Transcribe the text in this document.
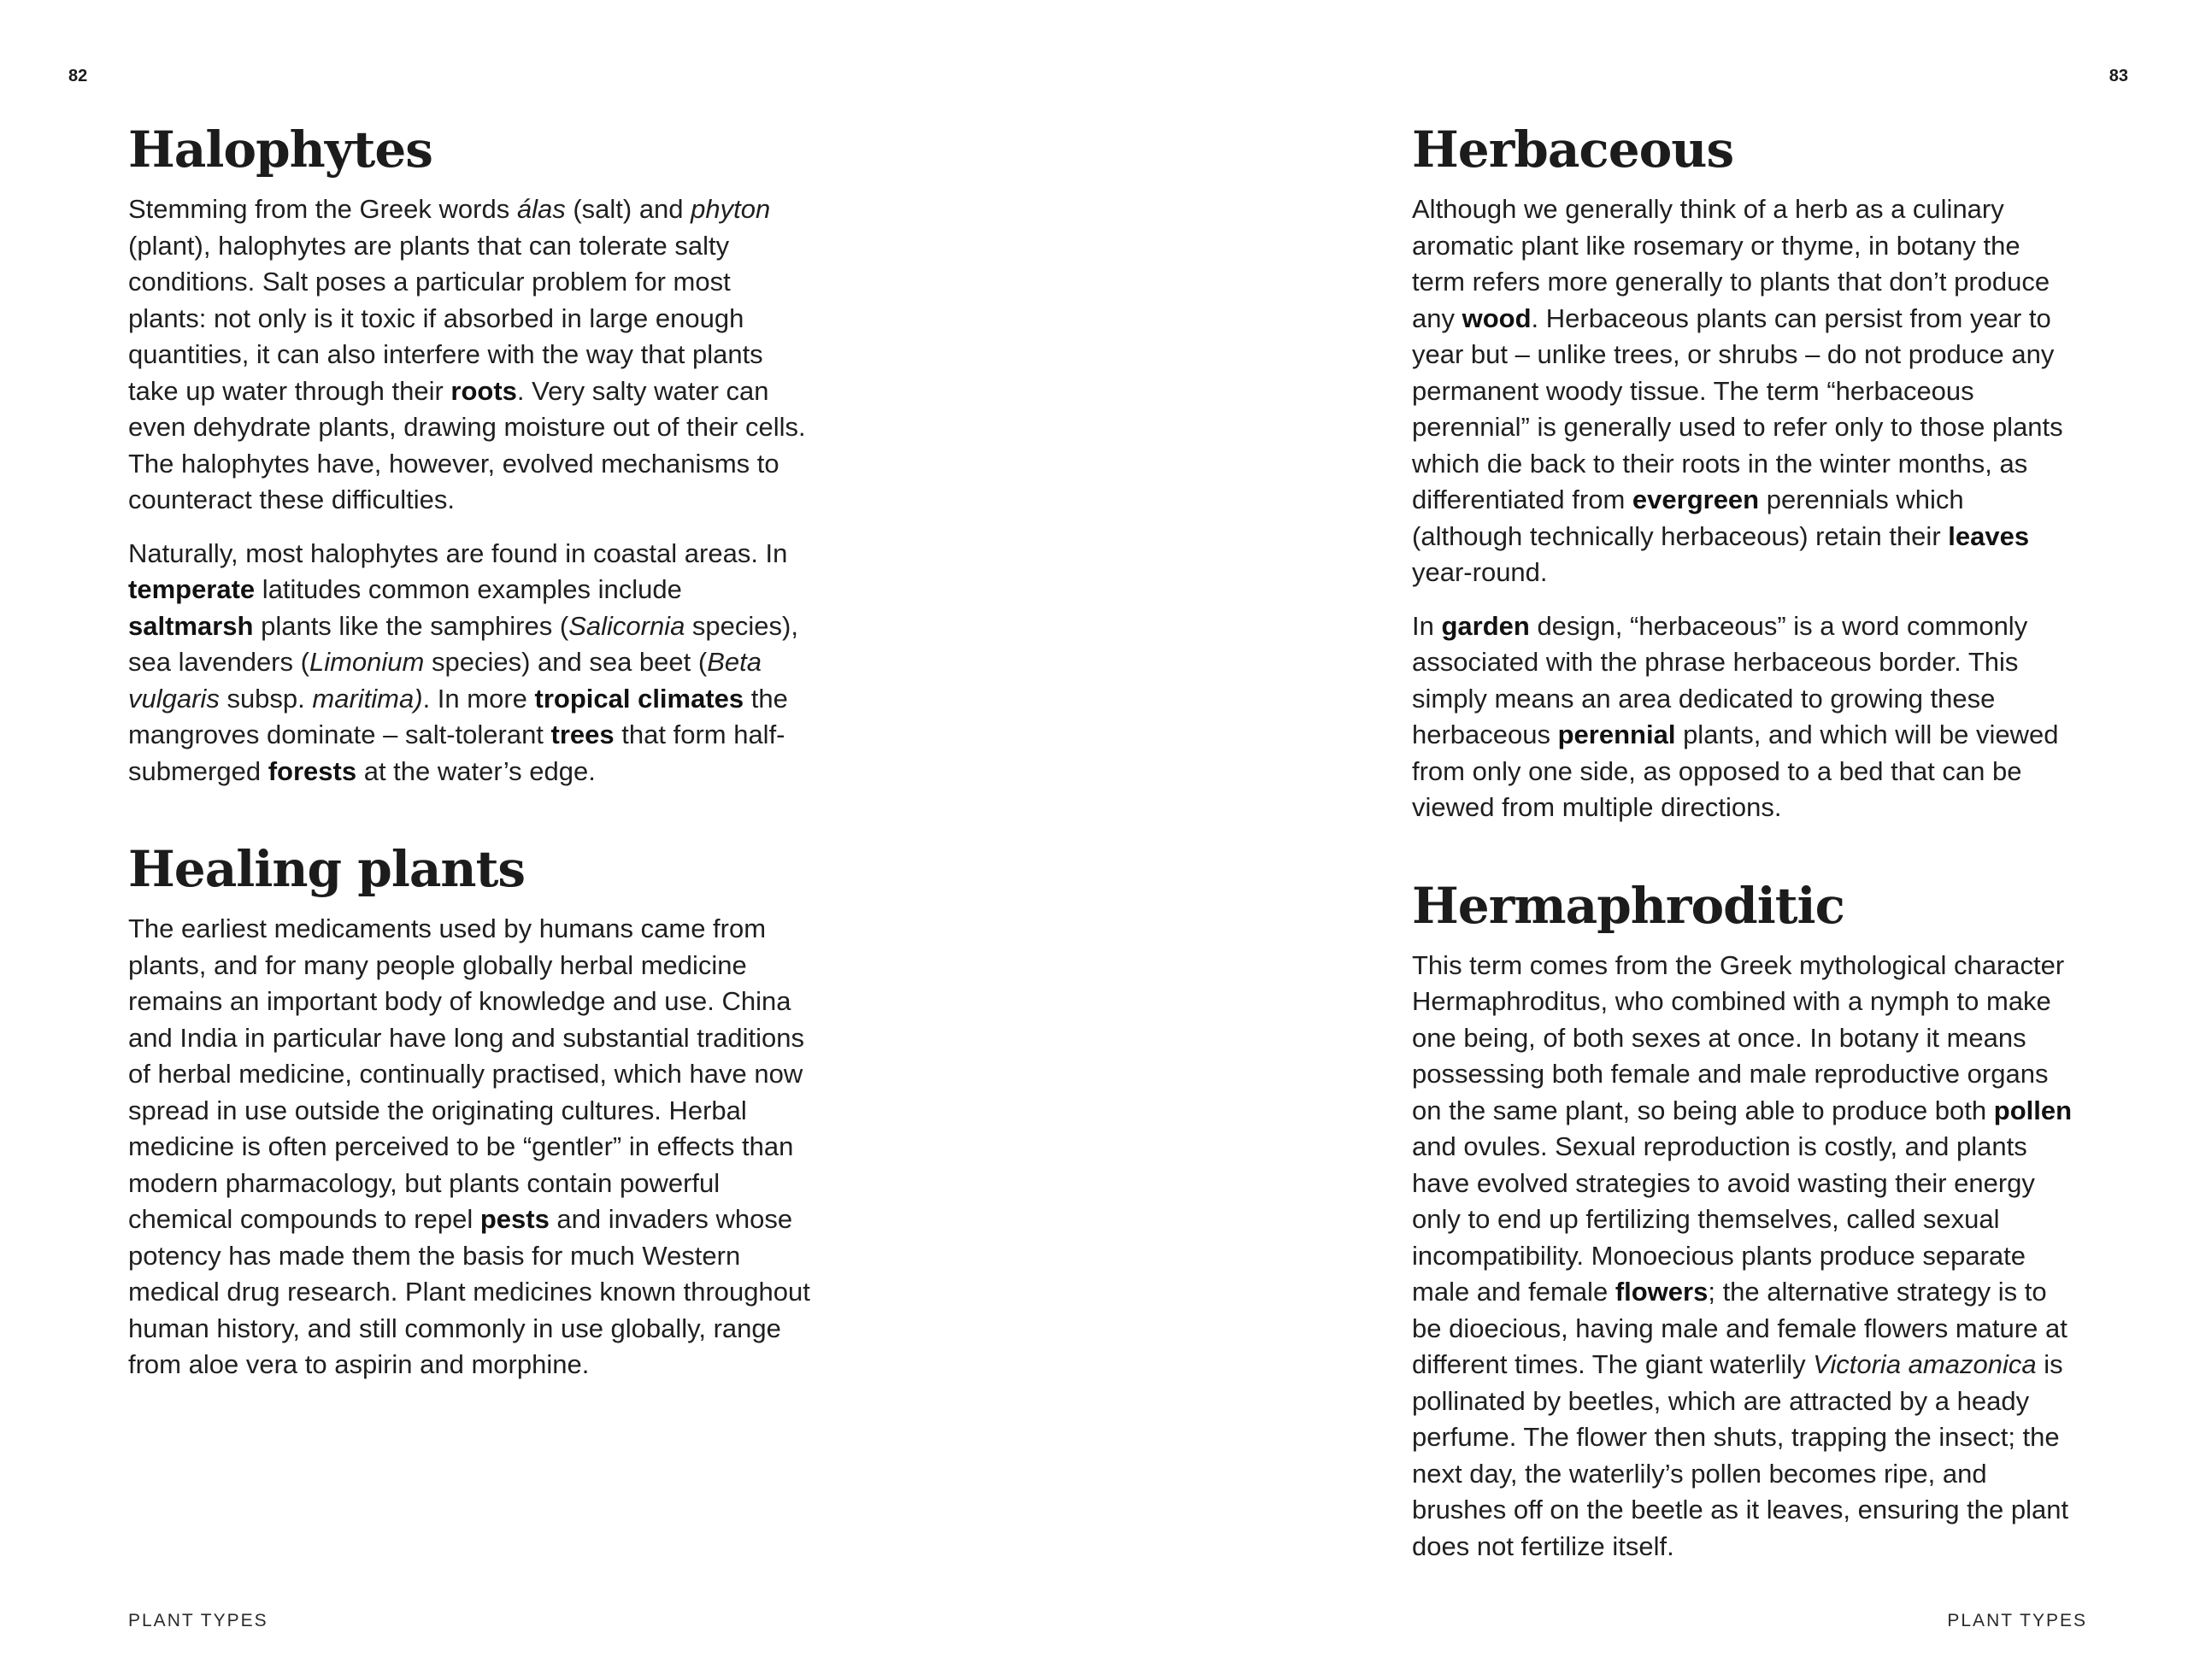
82	83
Halophytes

Stemming from the Greek words álas (salt) and phyton (plant), halophytes are plants that can tolerate salty conditions. Salt poses a particular problem for most plants: not only is it toxic if absorbed in large enough quantities, it can also interfere with the way that plants take up water through their roots. Very salty water can even dehydrate plants, drawing moisture out of their cells. The halophytes have, however, evolved mechanisms to counteract these difficulties.

Naturally, most halophytes are found in coastal areas. In temperate latitudes common examples include saltmarsh plants like the samphires (Salicornia species), sea lavenders (Limonium species) and sea beet (Beta vulgaris subsp. maritima). In more tropical climates the mangroves dominate – salt-tolerant trees that form half-submerged forests at the water’s edge.

Healing plants

The earliest medicaments used by humans came from plants, and for many people globally herbal medicine remains an important body of knowledge and use. China and India in particular have long and substantial traditions of herbal medicine, continually practised, which have now spread in use outside the originating cultures. Herbal medicine is often perceived to be “gentler” in effects than modern pharmacology, but plants contain powerful chemical compounds to repel pests and invaders whose potency has made them the basis for much Western medical drug research. Plant medicines known throughout human history, and still commonly in use globally, range from aloe vera to aspirin and morphine.

Herbaceous

Although we generally think of a herb as a culinary aromatic plant like rosemary or thyme, in botany the term refers more generally to plants that don’t produce any wood. Herbaceous plants can persist from year to year but – unlike trees, or shrubs – do not produce any permanent woody tissue. The term “herbaceous perennial” is generally used to refer only to those plants which die back to their roots in the winter months, as differentiated from evergreen perennials which (although technically herbaceous) retain their leaves year-round.

In garden design, “herbaceous” is a word commonly associated with the phrase herbaceous border. This simply means an area dedicated to growing these herbaceous perennial plants, and which will be viewed from only one side, as opposed to a bed that can be viewed from multiple directions.

Hermaphroditic

This term comes from the Greek mythological character Hermaphroditus, who combined with a nymph to make one being, of both sexes at once. In botany it means possessing both female and male reproductive organs on the same plant, so being able to produce both pollen and ovules. Sexual reproduction is costly, and plants have evolved strategies to avoid wasting their energy only to end up fertilizing themselves, called sexual incompatibility. Monoecious plants produce separate male and female flowers; the alternative strategy is to be dioecious, having male and female flowers mature at different times. The giant waterlily Victoria amazonica is pollinated by beetles, which are attracted by a heady perfume. The flower then shuts, trapping the insect; the next day, the waterlily’s pollen becomes ripe, and brushes off on the beetle as it leaves, ensuring the plant does not fertilize itself.

PLANT TYPES	PLANT TYPES
